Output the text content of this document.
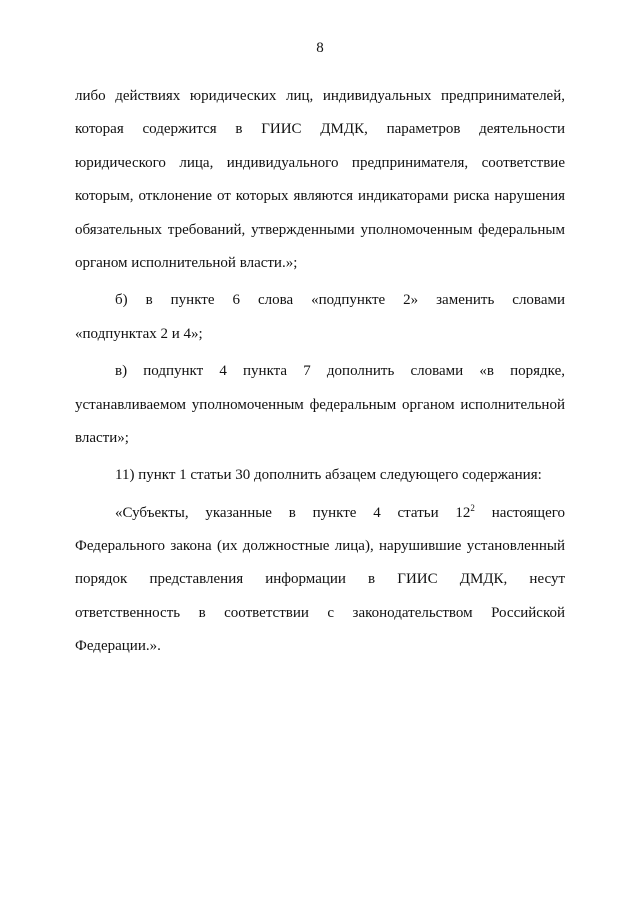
8
либо действиях юридических лиц, индивидуальных предпринимателей,
которая содержится в ГИИС ДМДК, параметров деятельности
юридического лица, индивидуального предпринимателя, соответствие
которым, отклонение от которых являются индикаторами риска нарушения
обязательных требований, утвержденными уполномоченным федеральным
органом исполнительной власти.»;
б) в пункте 6 слова «подпункте 2» заменить словами
«подпунктах 2 и 4»;
в) подпункт 4 пункта 7 дополнить словами «в порядке,
устанавливаемом уполномоченным федеральным органом исполнительной
власти»;
11) пункт 1 статьи 30 дополнить абзацем следующего содержания:
«Субъекты, указанные в пункте 4 статьи $12^2$ настоящего
Федерального закона (их должностные лица), нарушившие установленный
порядок представления информации в ГИИС ДМДК, несут
ответственность в соответствии с законодательством Российской
Федерации.».
